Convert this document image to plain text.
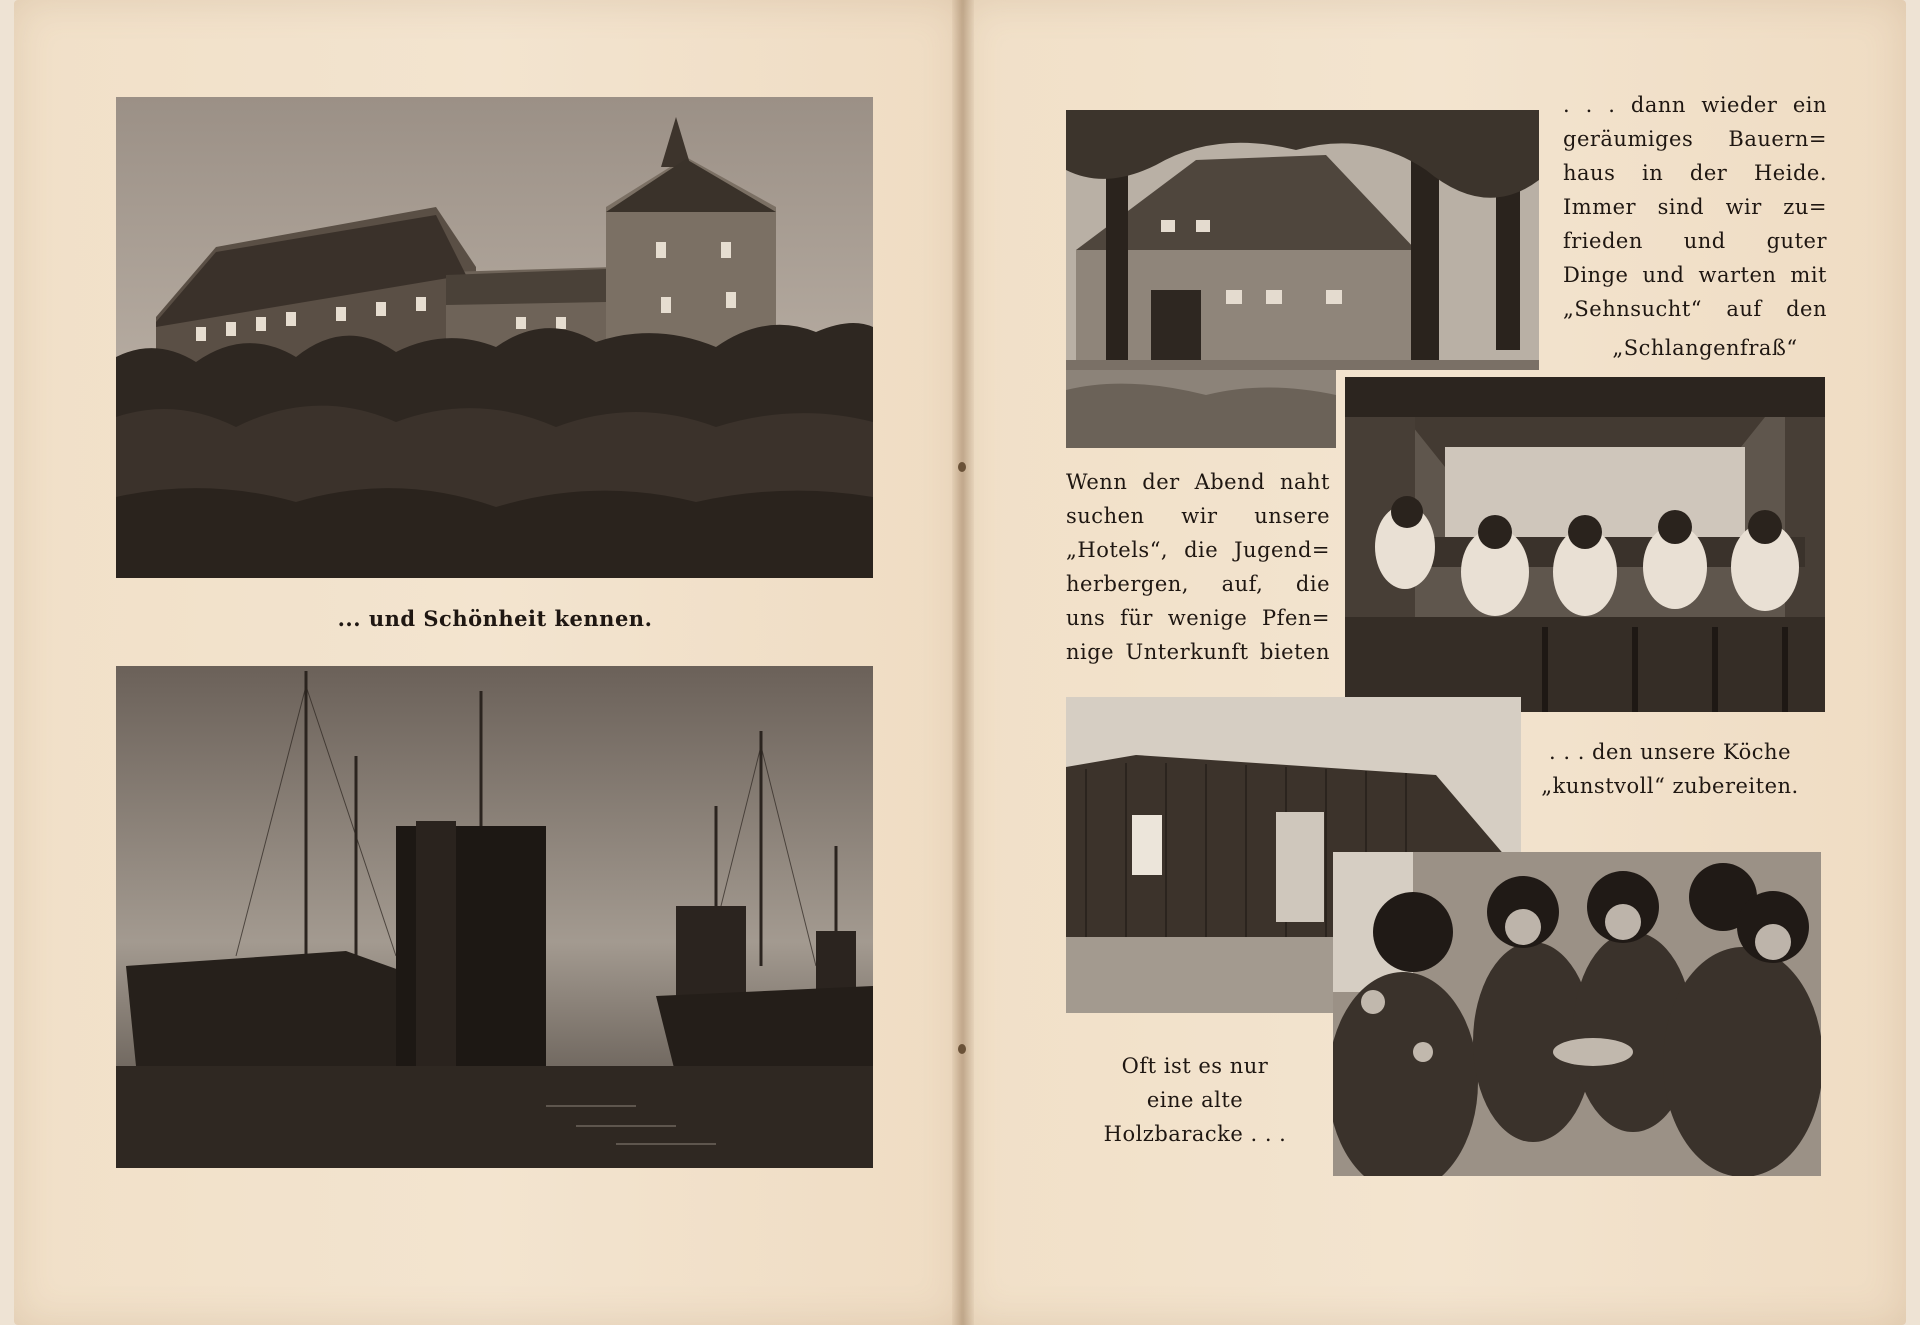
... und Schönheit kennen.
. . . dann wieder ein
geräumiges Bauern=
haus in der Heide.
Immer sind wir zu=
frieden und guter
Dinge und warten mit
„Sehnsucht“ auf den
„Schlangenfraß“
Wenn der Abend naht
suchen wir unsere
„Hotels“, die Jugend=
herbergen, auf, die
uns für wenige Pfen=
nige Unterkunft bieten
. . . den unsere Köche
„kunstvoll“ zubereiten.
Oft ist es nur
eine alte
Holzbaracke . . .
